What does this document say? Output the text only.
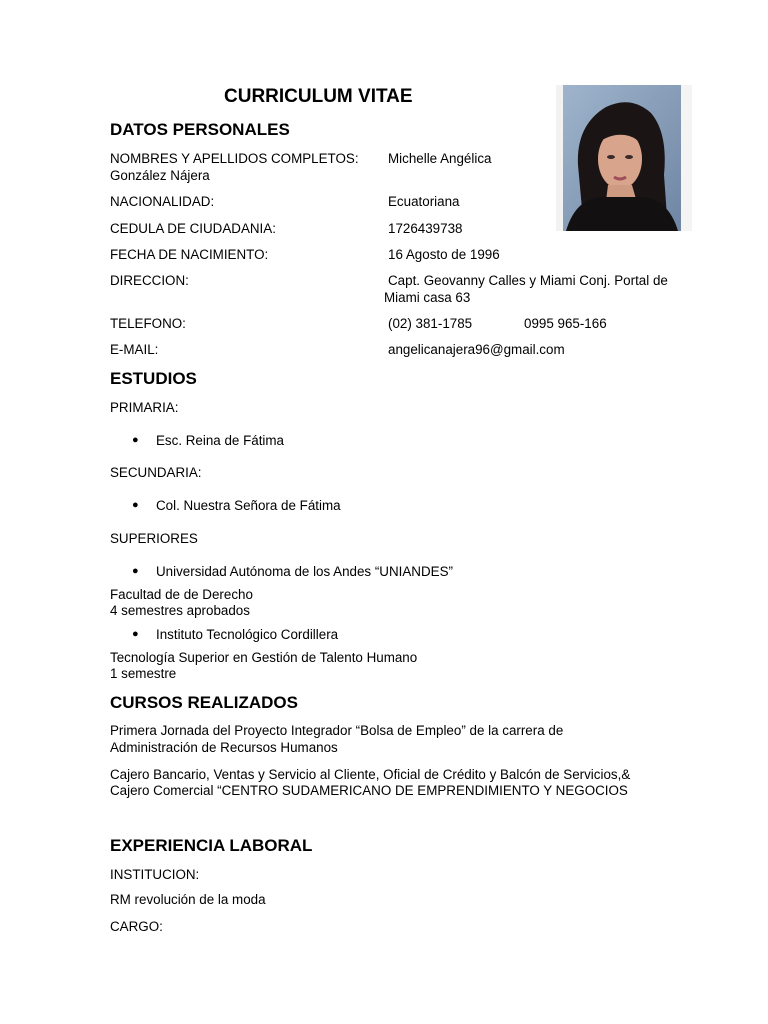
CURRICULUM VITAE
DATOS PERSONALES
NOMBRES Y APELLIDOS COMPLETOS: Michelle Angélica
González Nájera
NACIONALIDAD:	Ecuatoriana
CEDULA DE CIUDADANIA:	1726439738
FECHA DE NACIMIENTO:	16 Agosto de 1996
DIRECCION:	Capt. Geovanny Calles y Miami Conj. Portal de
Miami casa 63
TELEFONO:	(02) 381-1785	0995 965-166
E-MAIL:	angelicanajera96@gmail.com
ESTUDIOS
PRIMARIA:
● Esc. Reina de Fátima
SECUNDARIA:
● Col. Nuestra Señora de Fátima
SUPERIORES
● Universidad Autónoma de los Andes “UNIANDES”
Facultad de de Derecho
4 semestres aprobados
● Instituto Tecnológico Cordillera
Tecnología Superior en Gestión de Talento Humano
1 semestre
CURSOS REALIZADOS
Primera Jornada del Proyecto Integrador “Bolsa de Empleo” de la carrera de
Administración de Recursos Humanos
Cajero Bancario, Ventas y Servicio al Cliente, Oficial de Crédito y Balcón de Servicios,&
Cajero Comercial “CENTRO SUDAMERICANO DE EMPRENDIMIENTO Y NEGOCIOS
EXPERIENCIA LABORAL
INSTITUCION:
RM revolución de la moda
CARGO:
